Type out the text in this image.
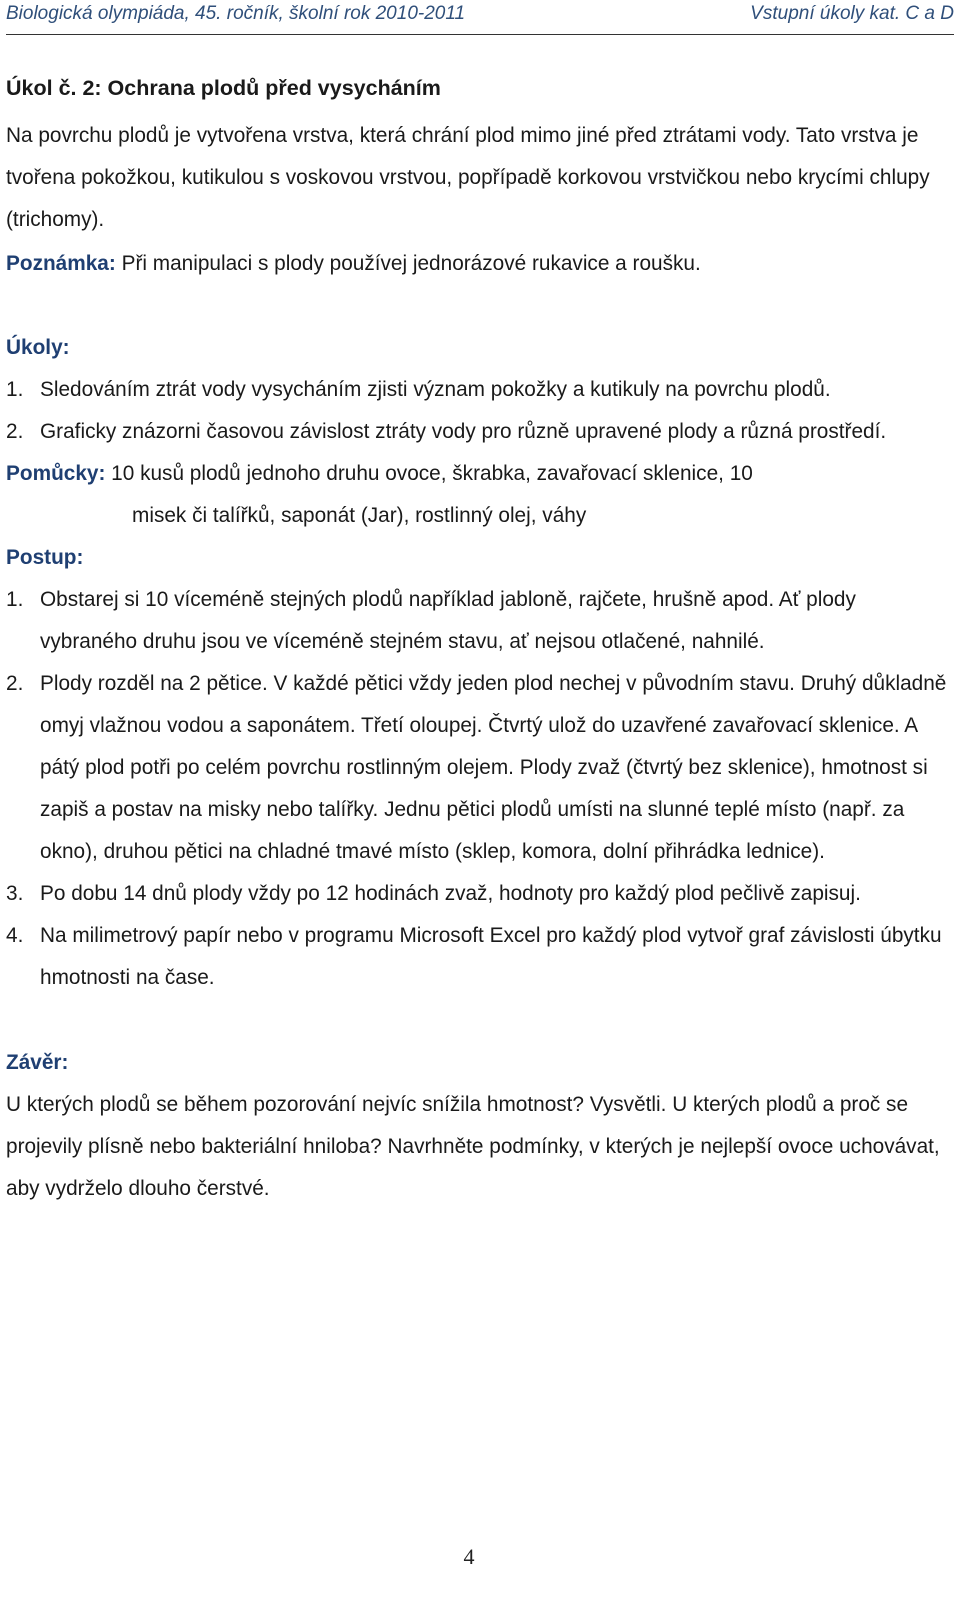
Biologická olympiáda, 45. ročník, školní rok 2010-2011	Vstupní úkoly kat. C a D
Úkol č. 2: Ochrana plodů před vysycháním

Na povrchu plodů je vytvořena vrstva, která chrání plod mimo jiné před ztrátami vody. Tato vrstva je tvořena pokožkou, kutikulou s voskovou vrstvou, popřípadě korkovou vrstvičkou nebo krycími chlupy (trichomy).

Poznámka: Při manipulaci s plody používej jednorázové rukavice a roušku.

Úkoly:
1. Sledováním ztrát vody vysycháním zjisti význam pokožky a kutikuly na povrchu plodů.
2. Graficky znázorni časovou závislost ztráty vody pro různě upravené plody a různá prostředí.
Pomůcky: 10 kusů plodů jednoho druhu ovoce, škrabka, zavařovací sklenice, 10
misek či talířků, saponát (Jar), rostlinný olej, váhy
Postup:
1. Obstarej si 10 víceméně stejných plodů například jabloně, rajčete, hrušně apod. Ať plody vybraného druhu jsou ve víceméně stejném stavu, ať nejsou otlačené, nahnilé.
2. Plody rozděl na 2 pětice. V každé pětici vždy jeden plod nechej v původním stavu. Druhý důkladně omyj vlažnou vodou a saponátem. Třetí oloupej. Čtvrtý ulož do uzavřené zavařovací sklenice. A pátý plod potři po celém povrchu rostlinným olejem. Plody zvaž (čtvrtý bez sklenice), hmotnost si zapiš a postav na misky nebo talířky. Jednu pětici plodů umísti na slunné teplé místo (např. za okno), druhou pětici na chladné tmavé místo (sklep, komora, dolní přihrádka lednice).
3. Po dobu 14 dnů plody vždy po 12 hodinách zvaž, hodnoty pro každý plod pečlivě zapisuj.
4. Na milimetrový papír nebo v programu Microsoft Excel pro každý plod vytvoř graf závislosti úbytku hmotnosti na čase.
Závěr:

U kterých plodů se během pozorování nejvíc snížila hmotnost? Vysvětli. U kterých plodů a proč se projevily plísně nebo bakteriální hniloba? Navrhněte podmínky, v kterých je nejlepší ovoce uchovávat, aby vydrželo dlouho čerstvé.

4
